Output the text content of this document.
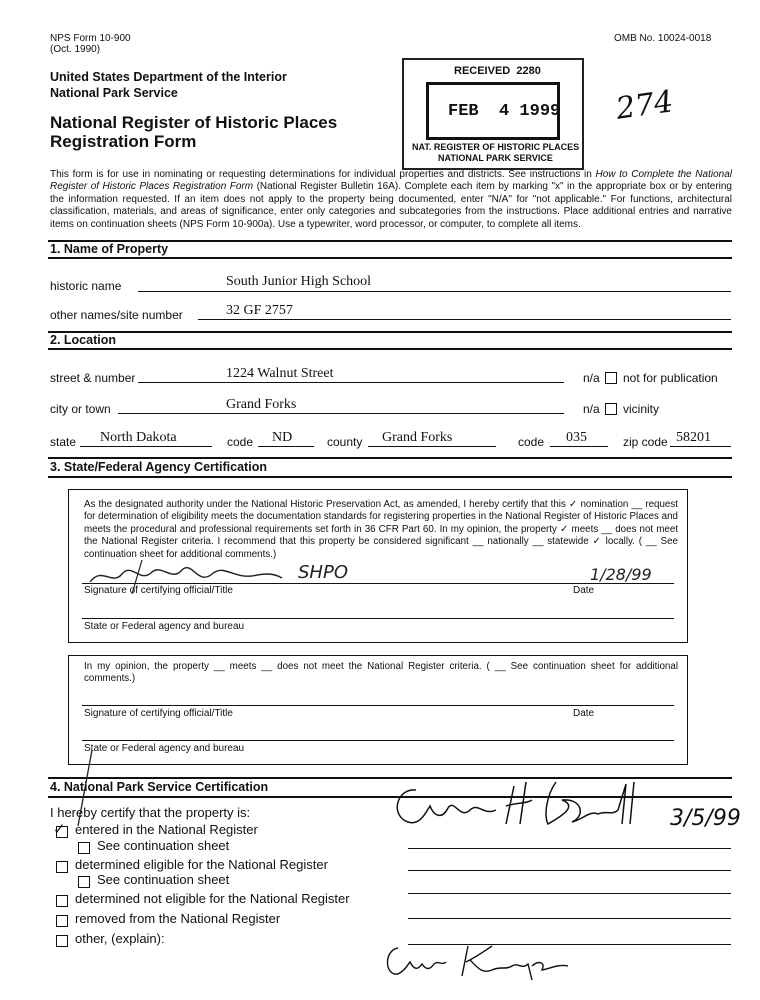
NPS Form 10-900
(Oct. 1990)
OMB No. 10024-0018
United States Department of the Interior
National Park Service
National Register of Historic Places
Registration Form
RECEIVED 2280
FEB 4 1999
NAT. REGISTER OF HISTORIC PLACES
NATIONAL PARK SERVICE
274
This form is for use in nominating or requesting determinations for individual properties and districts. See instructions in How to Complete the National Register of Historic Places Registration Form (National Register Bulletin 16A). Complete each item by marking "x" in the appropriate box or by entering the information requested. If an item does not apply to the property being documented, enter "N/A" for "not applicable." For functions, architectural classification, materials, and areas of significance, enter only categories and subcategories from the instructions. Place additional entries and narrative items on continuation sheets (NPS Form 10-900a). Use a typewriter, word processor, or computer, to complete all items.
1. Name of Property
historic name	South Junior High School
other names/site number	32 GF 2757
2. Location
street & number	1224 Walnut Street	n/a not for publication
city or town	Grand Forks	n/a vicinity
state North Dakota	code ND	county Grand Forks	code 035	zip code 58201
3. State/Federal Agency Certification
As the designated authority under the National Historic Preservation Act, as amended, I hereby certify that this ✓ nomination __ request for determination of eligibility meets the documentation standards for registering properties in the National Register of Historic Places and meets the procedural and professional requirements set forth in 36 CFR Part 60. In my opinion, the property ✓ meets __ does not meet the National Register criteria. I recommend that this property be considered significant __ nationally __ statewide ✓ locally. ( __ See continuation sheet for additional comments.)
Signature of certifying official/Title	Date
SHPO	1/28/99
State or Federal agency and bureau
In my opinion, the property __ meets __ does not meet the National Register criteria. ( __ See continuation sheet for additional comments.)
Signature of certifying official/Title	Date
State or Federal agency and bureau
4. National Park Service Certification
I hereby certify that the property is:
✓ entered in the National Register
See continuation sheet
determined eligible for the National Register
See continuation sheet
determined not eligible for the National Register
removed from the National Register
other, (explain):
3/5/99
